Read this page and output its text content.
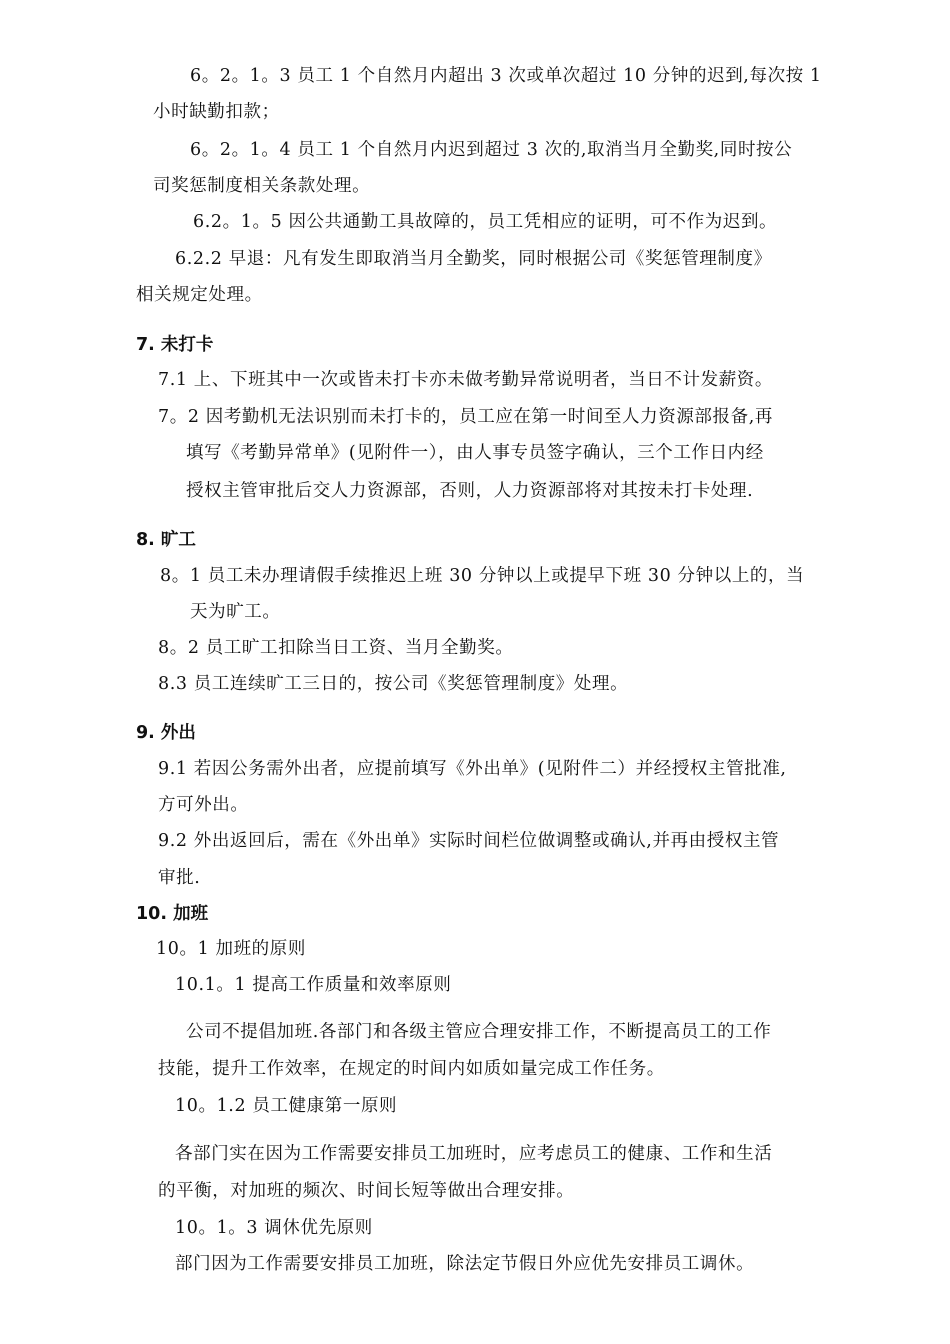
6。2。1。3 员工 1 个自然月内超出 3 次或单次超过 10 分钟的迟到,每次按 1
小时缺勤扣款；
6。2。1。4 员工 1 个自然月内迟到超过 3 次的,取消当月全勤奖,同时按公
司奖惩制度相关条款处理。
6.2。1。5 因公共通勤工具故障的，员工凭相应的证明，可不作为迟到。
6.2.2 早退：凡有发生即取消当月全勤奖，同时根据公司《奖惩管理制度》
相关规定处理。
7. 未打卡
7.1 上、下班其中一次或皆未打卡亦未做考勤异常说明者，当日不计发薪资。
7。2 因考勤机无法识别而未打卡的，员工应在第一时间至人力资源部报备,再
填写《考勤异常单》(见附件一），由人事专员签字确认，三个工作日内经
授权主管审批后交人力资源部，否则，人力资源部将对其按未打卡处理.
8. 旷工
8。1 员工未办理请假手续推迟上班 30 分钟以上或提早下班 30 分钟以上的，当
天为旷工。
8。2 员工旷工扣除当日工资、当月全勤奖。
8.3 员工连续旷工三日的，按公司《奖惩管理制度》处理。
9. 外出
9.1 若因公务需外出者，应提前填写《外出单》(见附件二）并经授权主管批准,
方可外出。
9.2 外出返回后，需在《外出单》实际时间栏位做调整或确认,并再由授权主管
审批.
10. 加班
10。1 加班的原则
10.1。1 提高工作质量和效率原则
公司不提倡加班.各部门和各级主管应合理安排工作，不断提高员工的工作
技能，提升工作效率，在规定的时间内如质如量完成工作任务。
10。1.2 员工健康第一原则
各部门实在因为工作需要安排员工加班时，应考虑员工的健康、工作和生活
的平衡，对加班的频次、时间长短等做出合理安排。
10。1。3 调休优先原则
部门因为工作需要安排员工加班，除法定节假日外应优先安排员工调休。
